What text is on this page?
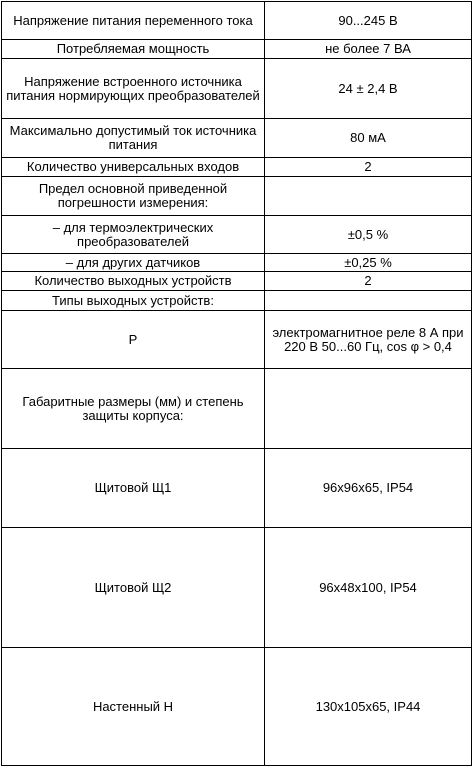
Напряжение питания переменного тока	90...245 В

Потребляемая мощность	не более 7 ВА

Напряжение встроенного источника питания нормирующих преобразователей	24 ± 2,4 В

Максимально допустимый ток источника питания	80 мА

Количество универсальных входов	2

Предел основной приведенной погрешности измерения:	

– для термоэлектрических преобразователей	±0,5 %

– для других датчиков	±0,25 %

Количество выходных устройств	2

Типы выходных устройств:	

Р	электромагнитное реле 8 А при 220 В 50...60 Гц, cos φ > 0,4

Габаритные размеры (мм) и степень защиты корпуса:	

Щитовой Щ1	96х96х65, IP54

Щитовой Щ2	96х48х100, IP54

Настенный Н	130х105х65, IP44
